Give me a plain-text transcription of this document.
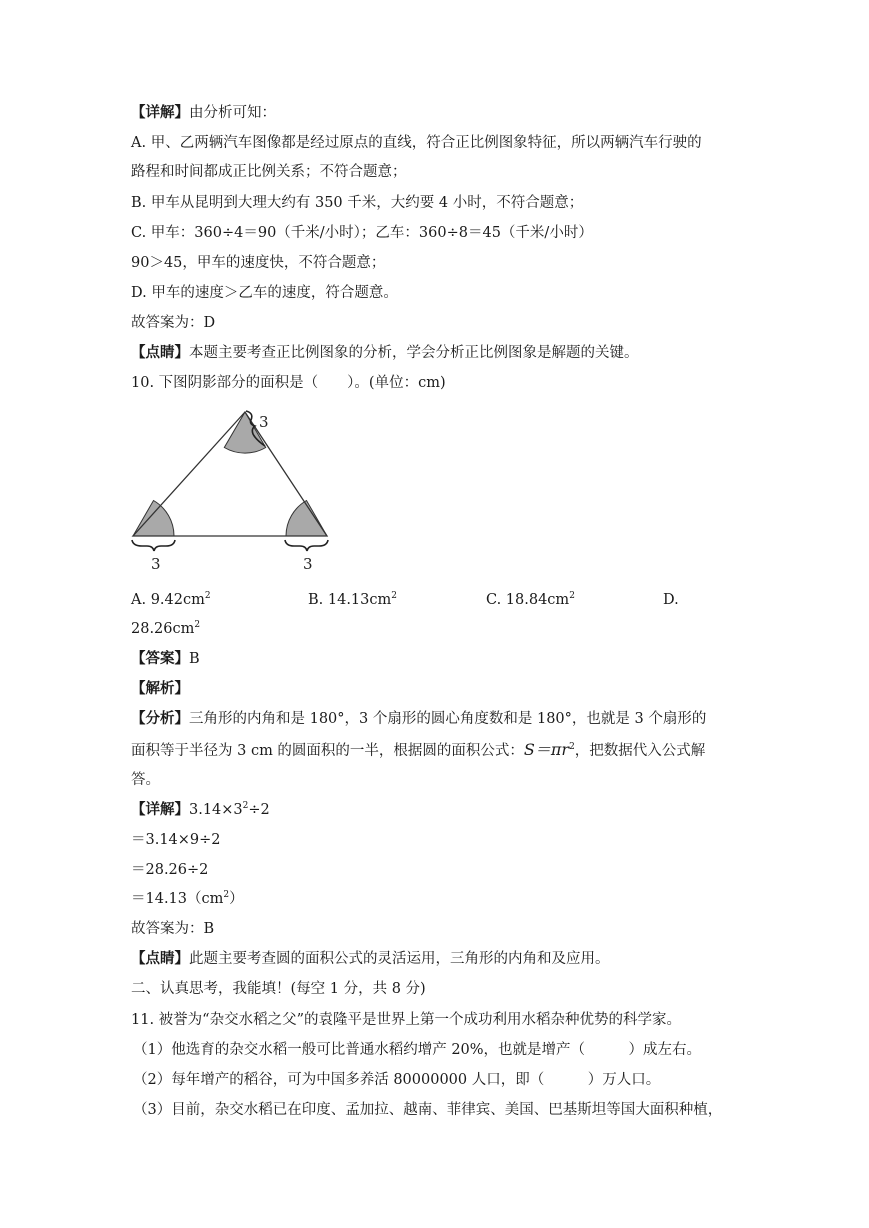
【详解】由分析可知：
A. 甲、乙两辆汽车图像都是经过原点的直线，符合正比例图象特征，所以两辆汽车行驶的
路程和时间都成正比例关系；不符合题意；
B. 甲车从昆明到大理大约有 350 千米，大约要 4 小时，不符合题意；
C. 甲车：360÷4＝90（千米/小时）；乙车：360÷8＝45（千米/小时）
90＞45，甲车的速度快，不符合题意；
D. 甲车的速度＞乙车的速度，符合题意。
故答案为：D
【点睛】本题主要考查正比例图象的分析，学会分析正比例图象是解题的关键。
10. 下图阴影部分的面积是（　　）。(单位：cm)
3
3	3
A. $9.42cm^2$	B. $14.13cm^2$	C. $18.84cm^2$	D.
$28.26cm^2$
【答案】B
【解析】
【分析】三角形的内角和是 180°，3 个扇形的圆心角度数和是 180°，也就是 3 个扇形的
面积等于半径为 3 cm 的圆面积的一半，根据圆的面积公式：$S=\pi r^2$，把数据代入公式解
答。
【详解】$3.14\times 3^2\div 2$
＝3.14×9÷2
＝28.26÷2
$=14.13(cm^2)$
故答案为：B
【点睛】此题主要考查圆的面积公式的灵活运用，三角形的内角和及应用。
二、认真思考，我能填！(每空 1 分，共 8 分)
11. 被誉为“杂交水稻之父”的袁隆平是世界上第一个成功利用水稻杂种优势的科学家。
（1）他选育的杂交水稻一般可比普通水稻约增产 20%，也就是增产（　　　）成左右。
（2）每年增产的稻谷，可为中国多养活 80000000 人口，即（　　　）万人口。
（3）目前，杂交水稻已在印度、孟加拉、越南、菲律宾、美国、巴基斯坦等国大面积种植，
